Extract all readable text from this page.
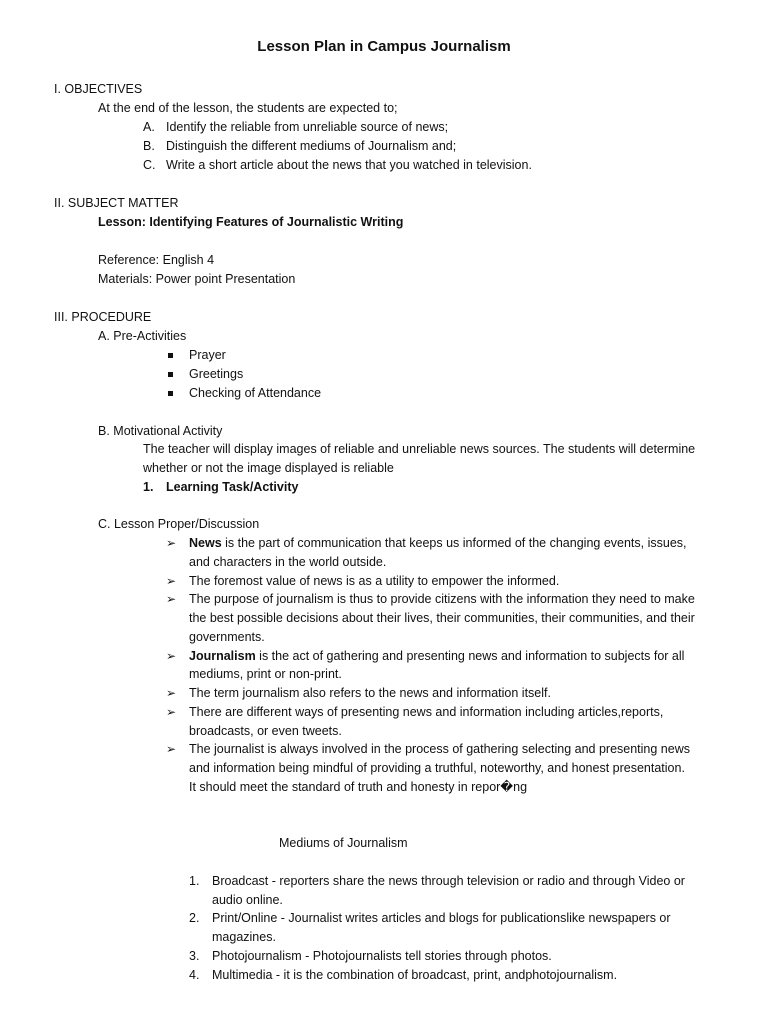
Lesson Plan in Campus Journalism
I. OBJECTIVES
At the end of the lesson, the students are expected to;
A. Identify the reliable from unreliable source of news;
B. Distinguish the different mediums of Journalism and;
C. Write a short article about the news that you watched in television.
II. SUBJECT MATTER
Lesson: Identifying Features of Journalistic Writing
Reference: English 4
Materials: Power point Presentation
III. PROCEDURE
A. Pre-Activities
Prayer
Greetings
Checking of Attendance
B. Motivational Activity
The teacher will display images of reliable and unreliable news sources. The students will determine
whether or not the image displayed is reliable
1. Learning Task/Activity
C. Lesson Proper/Discussion
➢ News is the part of communication that keeps us informed of the changing events, issues,
and characters in the world outside.
➢ The foremost value of news is as a utility to empower the informed.
➢ The purpose of journalism is thus to provide citizens with the information they need to make
the best possible decisions about their lives, their communities, their communities, and their
governments.
➢ Journalism is the act of gathering and presenting news and information to subjects for all
mediums, print or non-print.
➢ The term journalism also refers to the news and information itself.
➢ There are different ways of presenting news and information including articles,reports,
broadcasts, or even tweets.
➢ The journalist is always involved in the process of gathering selecting and presenting news
and information being mindful of providing a truthful, noteworthy, and honest presentation.
It should meet the standard of truth and honesty in repor�ng
Mediums of Journalism
1. Broadcast - reporters share the news through television or radio and through Video or
audio online.
2. Print/Online - Journalist writes articles and blogs for publicationslike newspapers or
magazines.
3. Photojournalism - Photojournalists tell stories through photos.
4. Multimedia - it is the combination of broadcast, print, andphotojournalism.
